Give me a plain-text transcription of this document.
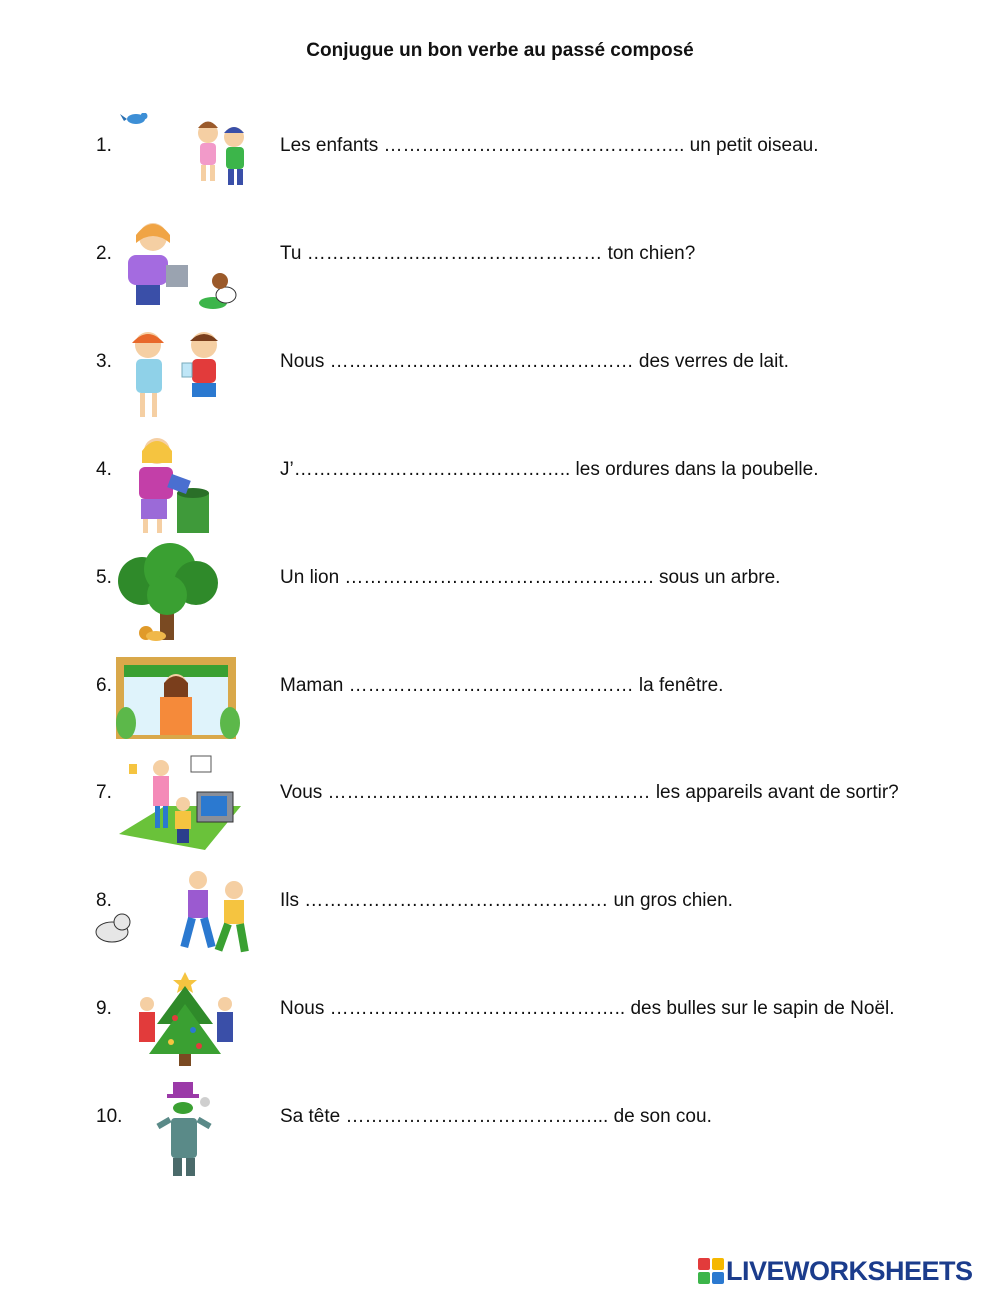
Conjugue un bon verbe au passé composé
1.	Les enfants ………………….…………………….. un petit oiseau.
2.	Tu ………………..……………………… ton chien?
3.	Nous ………………………………………… des verres de lait.
4.	J’…………………………………….. les ordures dans la poubelle.
5.	Un lion …………………………………………. sous un arbre.
6.	Maman ……………………………………… la fenêtre.
7.	Vous …………………………………………… les appareils avant de sortir?
8.	Ils ………………………………………… un gros chien.
9.	Nous ……………………………………….. des bulles sur le sapin de Noël.
10.	Sa tête …………………………………... de son cou.
LIVEWORKSHEETS
